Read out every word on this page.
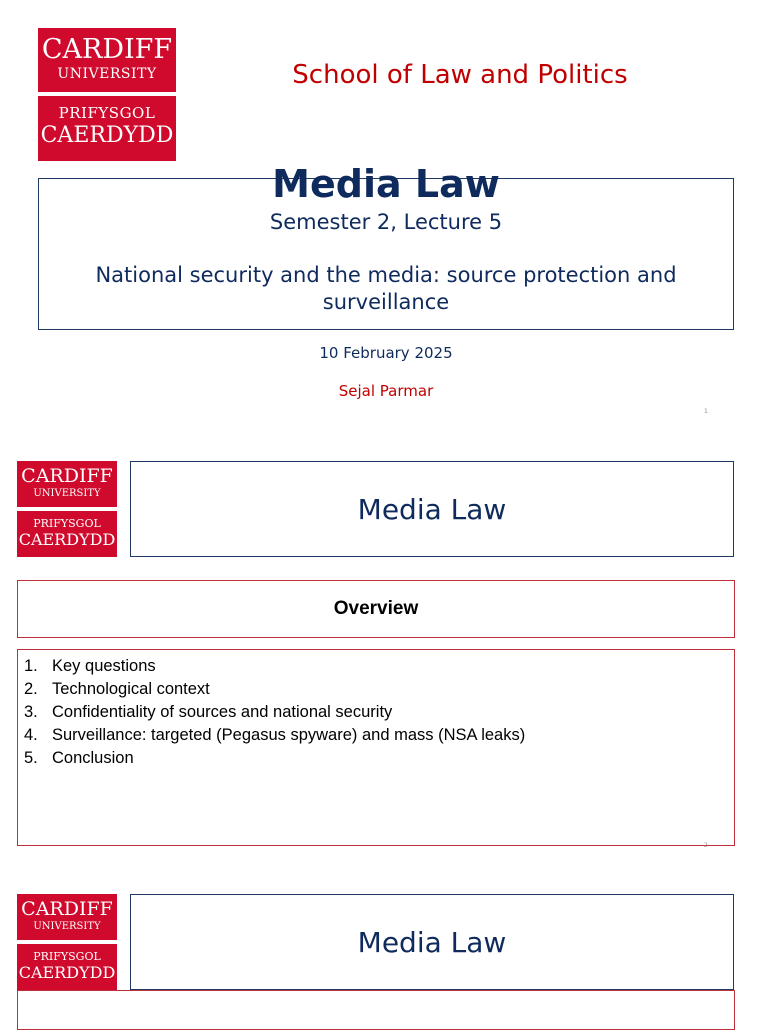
CARDIFF
UNIVERSITY
PRIFYSGOL
CAERDYDD
School of Law and Politics
Media Law
Semester 2, Lecture 5
National security and the media: source protection and surveillance
10 February 2025
Sejal Parmar
1
CARDIFF
UNIVERSITY
PRIFYSGOL
CAERDYDD
Media Law
Overview
1. Key questions
2. Technological context
3. Confidentiality of sources and national security
4. Surveillance: targeted (Pegasus spyware) and mass (NSA leaks)
5. Conclusion
2
CARDIFF
UNIVERSITY
PRIFYSGOL
CAERDYDD
Media Law
